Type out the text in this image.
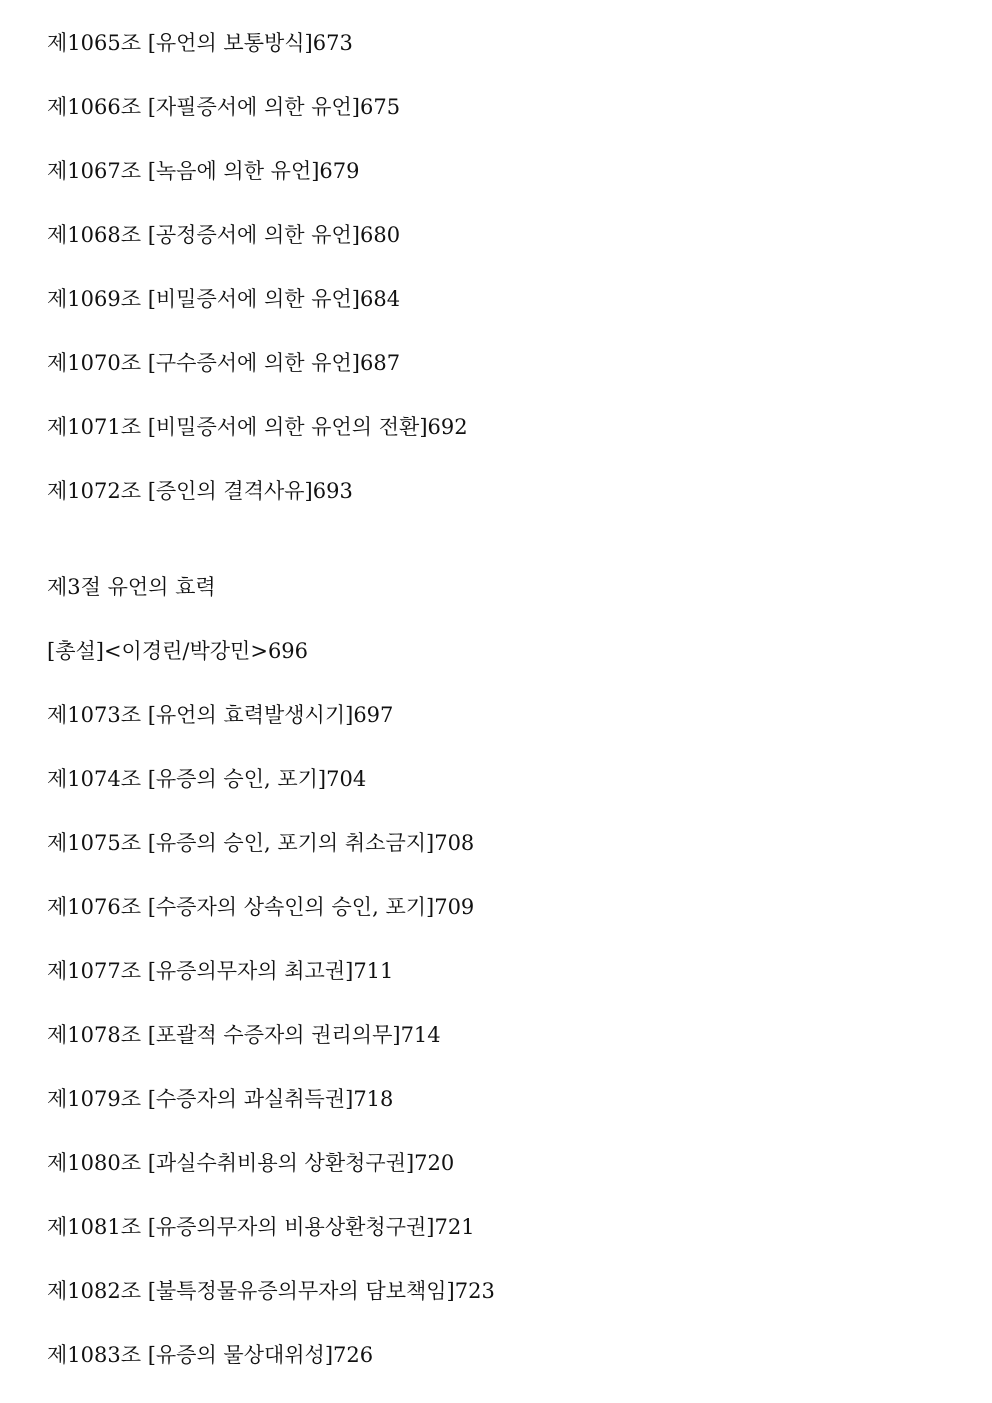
제1065조 [유언의 보통방식]673
제1066조 [자필증서에 의한 유언]675
제1067조 [녹음에 의한 유언]679
제1068조 [공정증서에 의한 유언]680
제1069조 [비밀증서에 의한 유언]684
제1070조 [구수증서에 의한 유언]687
제1071조 [비밀증서에 의한 유언의 전환]692
제1072조 [증인의 결격사유]693
제3절 유언의 효력
[총설]<이경린/박강민>696
제1073조 [유언의 효력발생시기]697
제1074조 [유증의 승인, 포기]704
제1075조 [유증의 승인, 포기의 취소금지]708
제1076조 [수증자의 상속인의 승인, 포기]709
제1077조 [유증의무자의 최고권]711
제1078조 [포괄적 수증자의 권리의무]714
제1079조 [수증자의 과실취득권]718
제1080조 [과실수취비용의 상환청구권]720
제1081조 [유증의무자의 비용상환청구권]721
제1082조 [불특정물유증의무자의 담보책임]723
제1083조 [유증의 물상대위성]726
